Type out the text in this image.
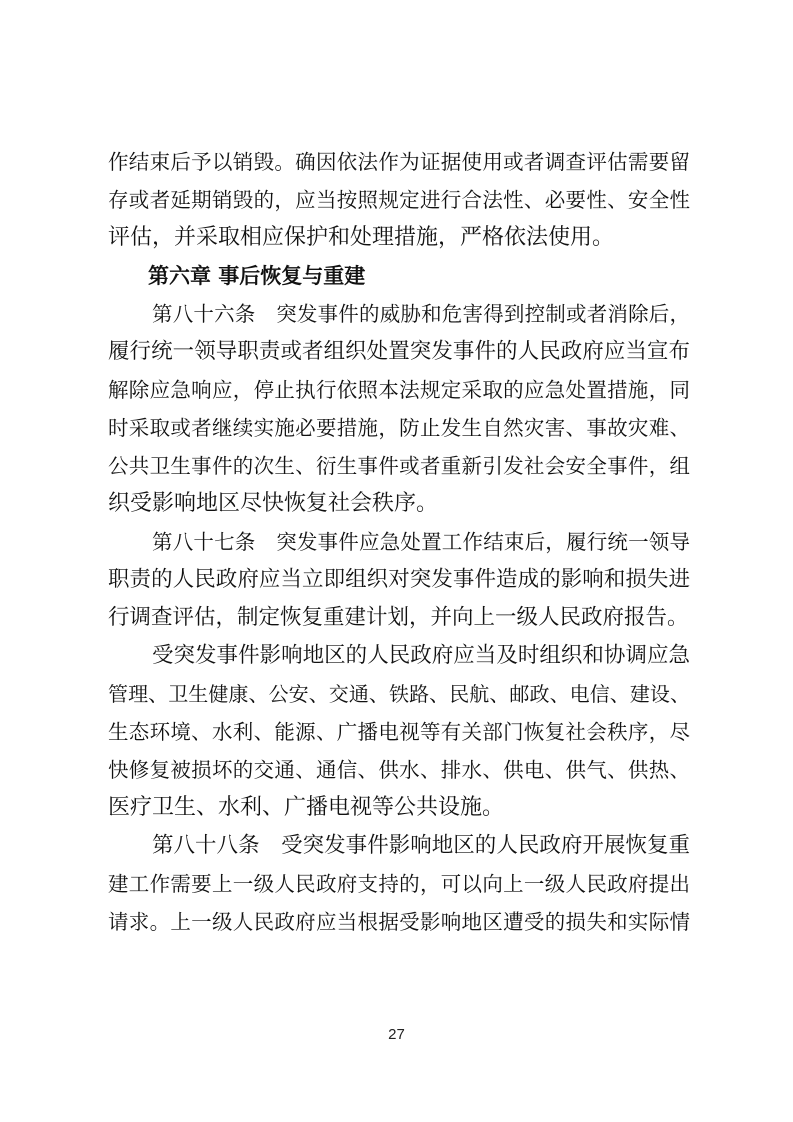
作结束后予以销毁。确因依法作为证据使用或者调查评估需要留
存或者延期销毁的，应当按照规定进行合法性、必要性、安全性
评估，并采取相应保护和处理措施，严格依法使用。
第六章 事后恢复与重建
第八十六条　突发事件的威胁和危害得到控制或者消除后，
履行统一领导职责或者组织处置突发事件的人民政府应当宣布
解除应急响应，停止执行依照本法规定采取的应急处置措施，同
时采取或者继续实施必要措施，防止发生自然灾害、事故灾难、
公共卫生事件的次生、衍生事件或者重新引发社会安全事件，组
织受影响地区尽快恢复社会秩序。
第八十七条　突发事件应急处置工作结束后，履行统一领导
职责的人民政府应当立即组织对突发事件造成的影响和损失进
行调查评估，制定恢复重建计划，并向上一级人民政府报告。
受突发事件影响地区的人民政府应当及时组织和协调应急
管理、卫生健康、公安、交通、铁路、民航、邮政、电信、建设、
生态环境、水利、能源、广播电视等有关部门恢复社会秩序，尽
快修复被损坏的交通、通信、供水、排水、供电、供气、供热、
医疗卫生、水利、广播电视等公共设施。
第八十八条　受突发事件影响地区的人民政府开展恢复重
建工作需要上一级人民政府支持的，可以向上一级人民政府提出
请求。上一级人民政府应当根据受影响地区遭受的损失和实际情
27
